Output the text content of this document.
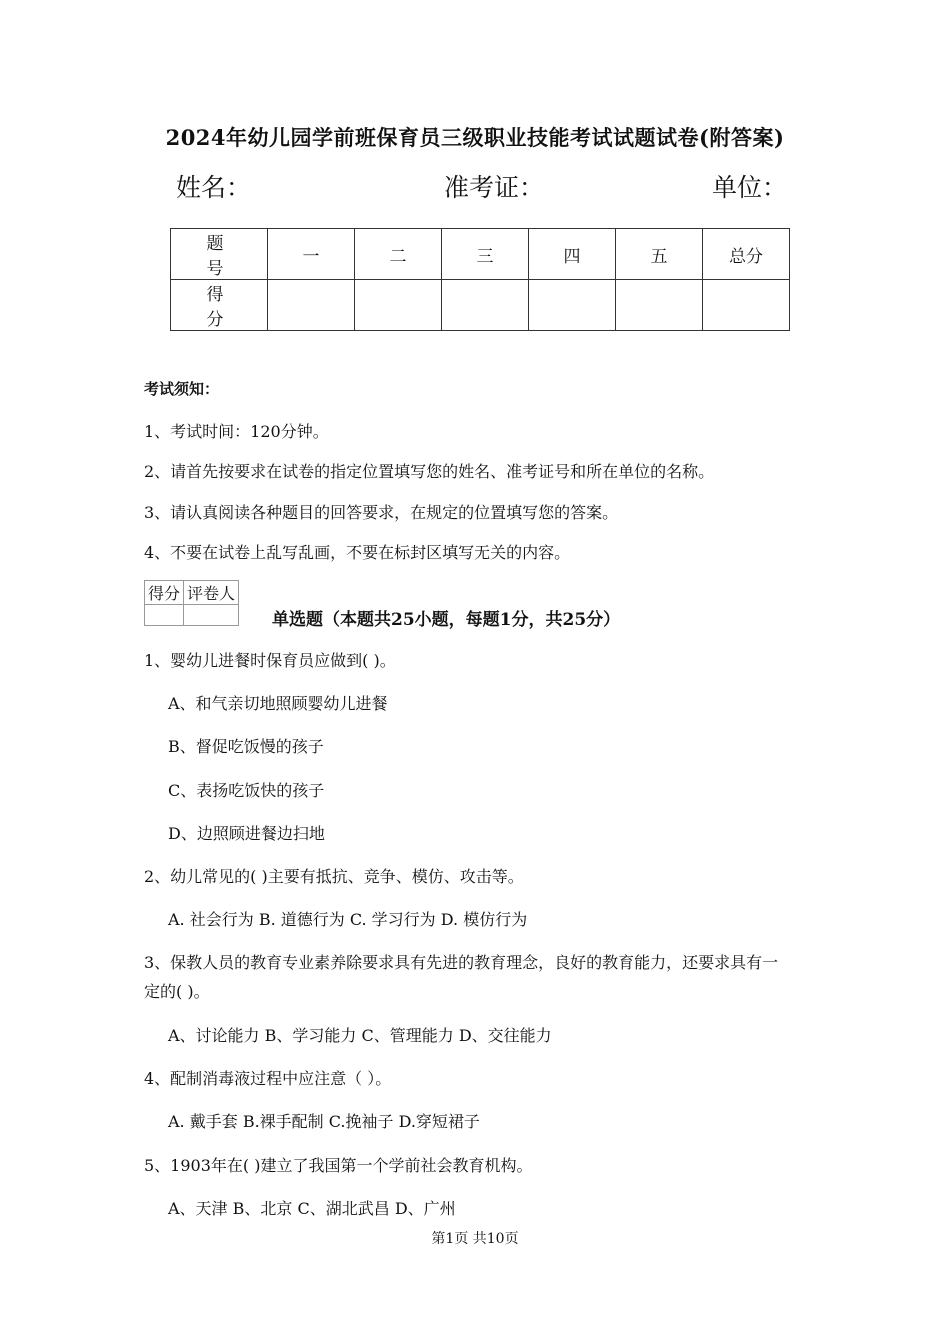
2024年幼儿园学前班保育员三级职业技能考试试题试卷(附答案)
姓名：	准考证：	单位：
题 号	一	二	三	四	五	总分
得 分						
考试须知：
1、考试时间：120分钟。
2、请首先按要求在试卷的指定位置填写您的姓名、准考证号和所在单位的名称。
3、请认真阅读各种题目的回答要求，在规定的位置填写您的答案。
4、不要在试卷上乱写乱画，不要在标封区填写无关的内容。
得分	评卷人

单选题（本题共25小题，每题1分，共25分）
1、婴幼儿进餐时保育员应做到( )。
A、和气亲切地照顾婴幼儿进餐
B、督促吃饭慢的孩子
C、表扬吃饭快的孩子
D、边照顾进餐边扫地
2、幼儿常见的( )主要有抵抗、竞争、模仿、攻击等。
A. 社会行为 B. 道德行为 C. 学习行为 D. 模仿行为
3、保教人员的教育专业素养除要求具有先进的教育理念，良好的教育能力，还要求具有一
定的( )。
A、讨论能力 B、学习能力 C、管理能力 D、交往能力
4、配制消毒液过程中应注意（ ）。
A. 戴手套 B.裸手配制 C.挽袖子 D.穿短裙子
5、1903年在( )建立了我国第一个学前社会教育机构。
A、天津 B、北京 C、湖北武昌 D、广州
第1页 共10页
